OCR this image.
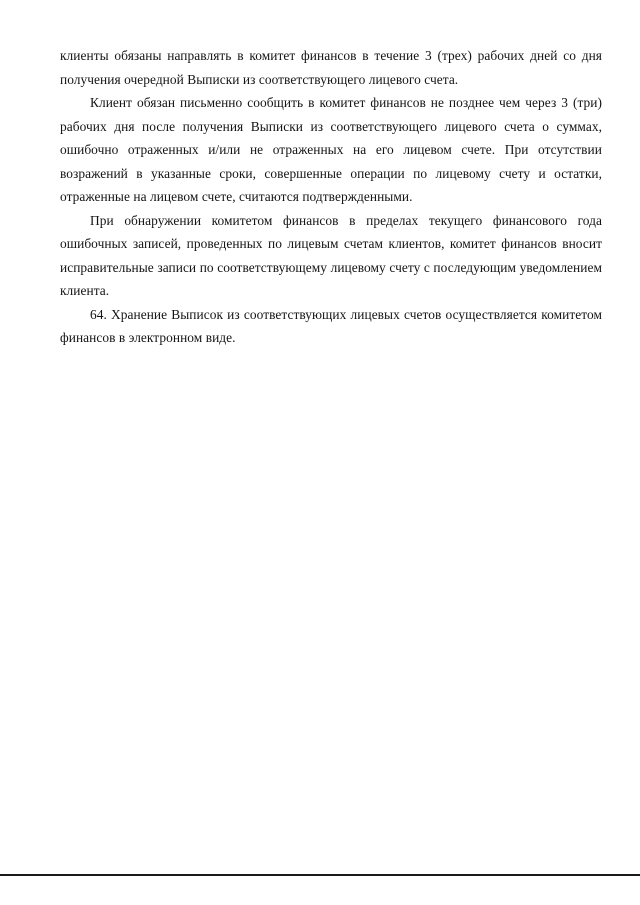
клиенты обязаны направлять в комитет финансов в течение 3 (трех) рабочих дней со дня получения очередной Выписки из соответствующего лицевого счета.

Клиент обязан письменно сообщить в комитет финансов не позднее чем через 3 (три) рабочих дня после получения Выписки из соответствующего лицевого счета о суммах, ошибочно отраженных и/или не отраженных на его лицевом счете. При отсутствии возражений в указанные сроки, совершенные операции по лицевому счету и остатки, отраженные на лицевом счете, считаются подтвержденными.

При обнаружении комитетом финансов в пределах текущего финансового года ошибочных записей, проведенных по лицевым счетам клиентов, комитет финансов вносит исправительные записи по соответствующему лицевому счету с последующим уведомлением клиента.

64. Хранение Выписок из соответствующих лицевых счетов осуществляется комитетом финансов в электронном виде.
